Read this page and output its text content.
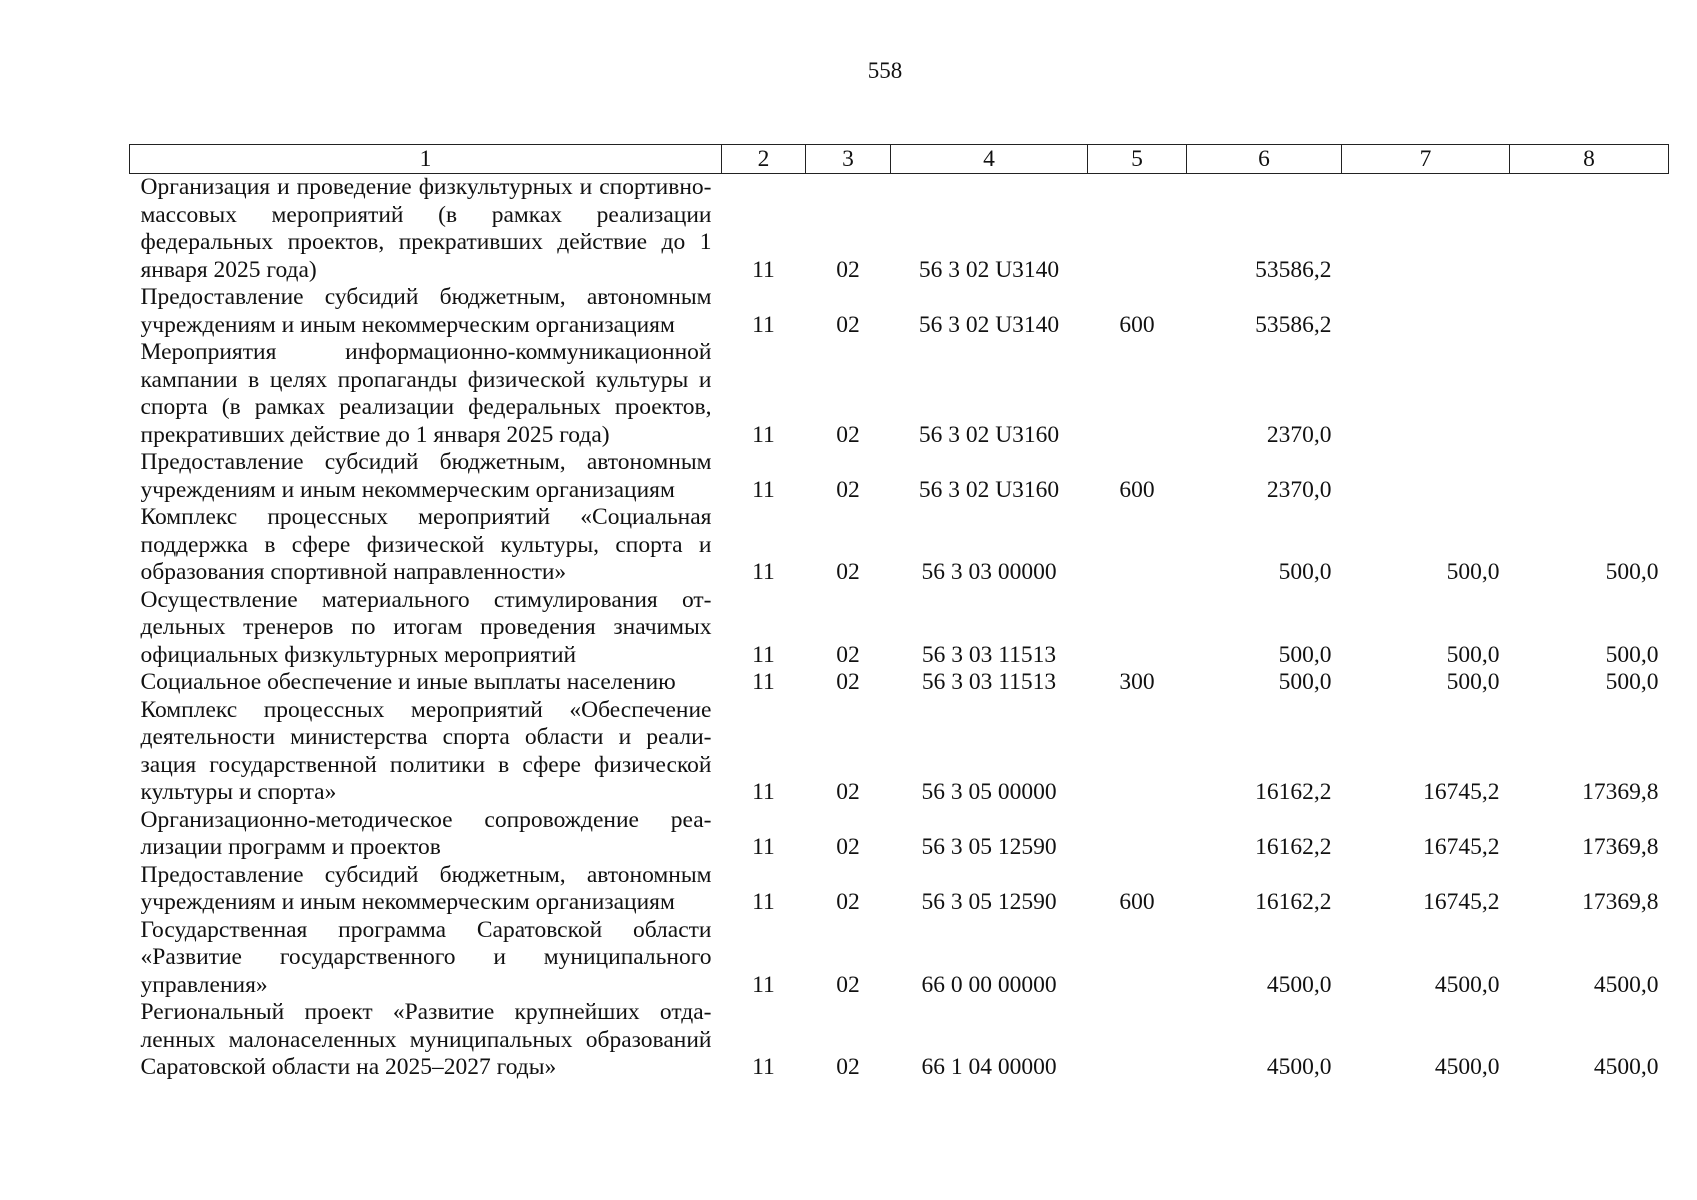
558
1	2	3	4	5	6	7	8
Организация и проведение физкультурных и спортивно-массовых мероприятий (в рамках реализации федеральных проектов, прекративших действие до 1 января 2025 года)	11	02	56 3 02 U3140		53586,2		
Предоставление субсидий бюджетным, автономным учреждениям и иным некоммерческим организациям	11	02	56 3 02 U3140	600	53586,2		
Мероприятия информационно-коммуникационной кампании в целях пропаганды физической культуры и спорта (в рамках реализации федеральных проектов, прекративших действие до 1 января 2025 года)	11	02	56 3 02 U3160		2370,0		
Предоставление субсидий бюджетным, автономным учреждениям и иным некоммерческим организациям	11	02	56 3 02 U3160	600	2370,0		
Комплекс процессных мероприятий «Социальная поддержка в сфере физической культуры, спорта и образования спортивной направленности»	11	02	56 3 03 00000		500,0	500,0	500,0
Осуществление материального стимулирования отдельных тренеров по итогам проведения значимых официальных физкультурных мероприятий	11	02	56 3 03 11513		500,0	500,0	500,0
Социальное обеспечение и иные выплаты населению	11	02	56 3 03 11513	300	500,0	500,0	500,0
Комплекс процессных мероприятий «Обеспечение деятельности министерства спорта области и реализация государственной политики в сфере физической культуры и спорта»	11	02	56 3 05 00000		16162,2	16745,2	17369,8
Организационно-методическое сопровождение реализации программ и проектов	11	02	56 3 05 12590		16162,2	16745,2	17369,8
Предоставление субсидий бюджетным, автономным учреждениям и иным некоммерческим организациям	11	02	56 3 05 12590	600	16162,2	16745,2	17369,8
Государственная программа Саратовской области «Развитие государственного и муниципального управления»	11	02	66 0 00 00000		4500,0	4500,0	4500,0
Региональный проект «Развитие крупнейших отдаленных малонаселенных муниципальных образований Саратовской области на 2025–2027 годы»	11	02	66 1 04 00000		4500,0	4500,0	4500,0
